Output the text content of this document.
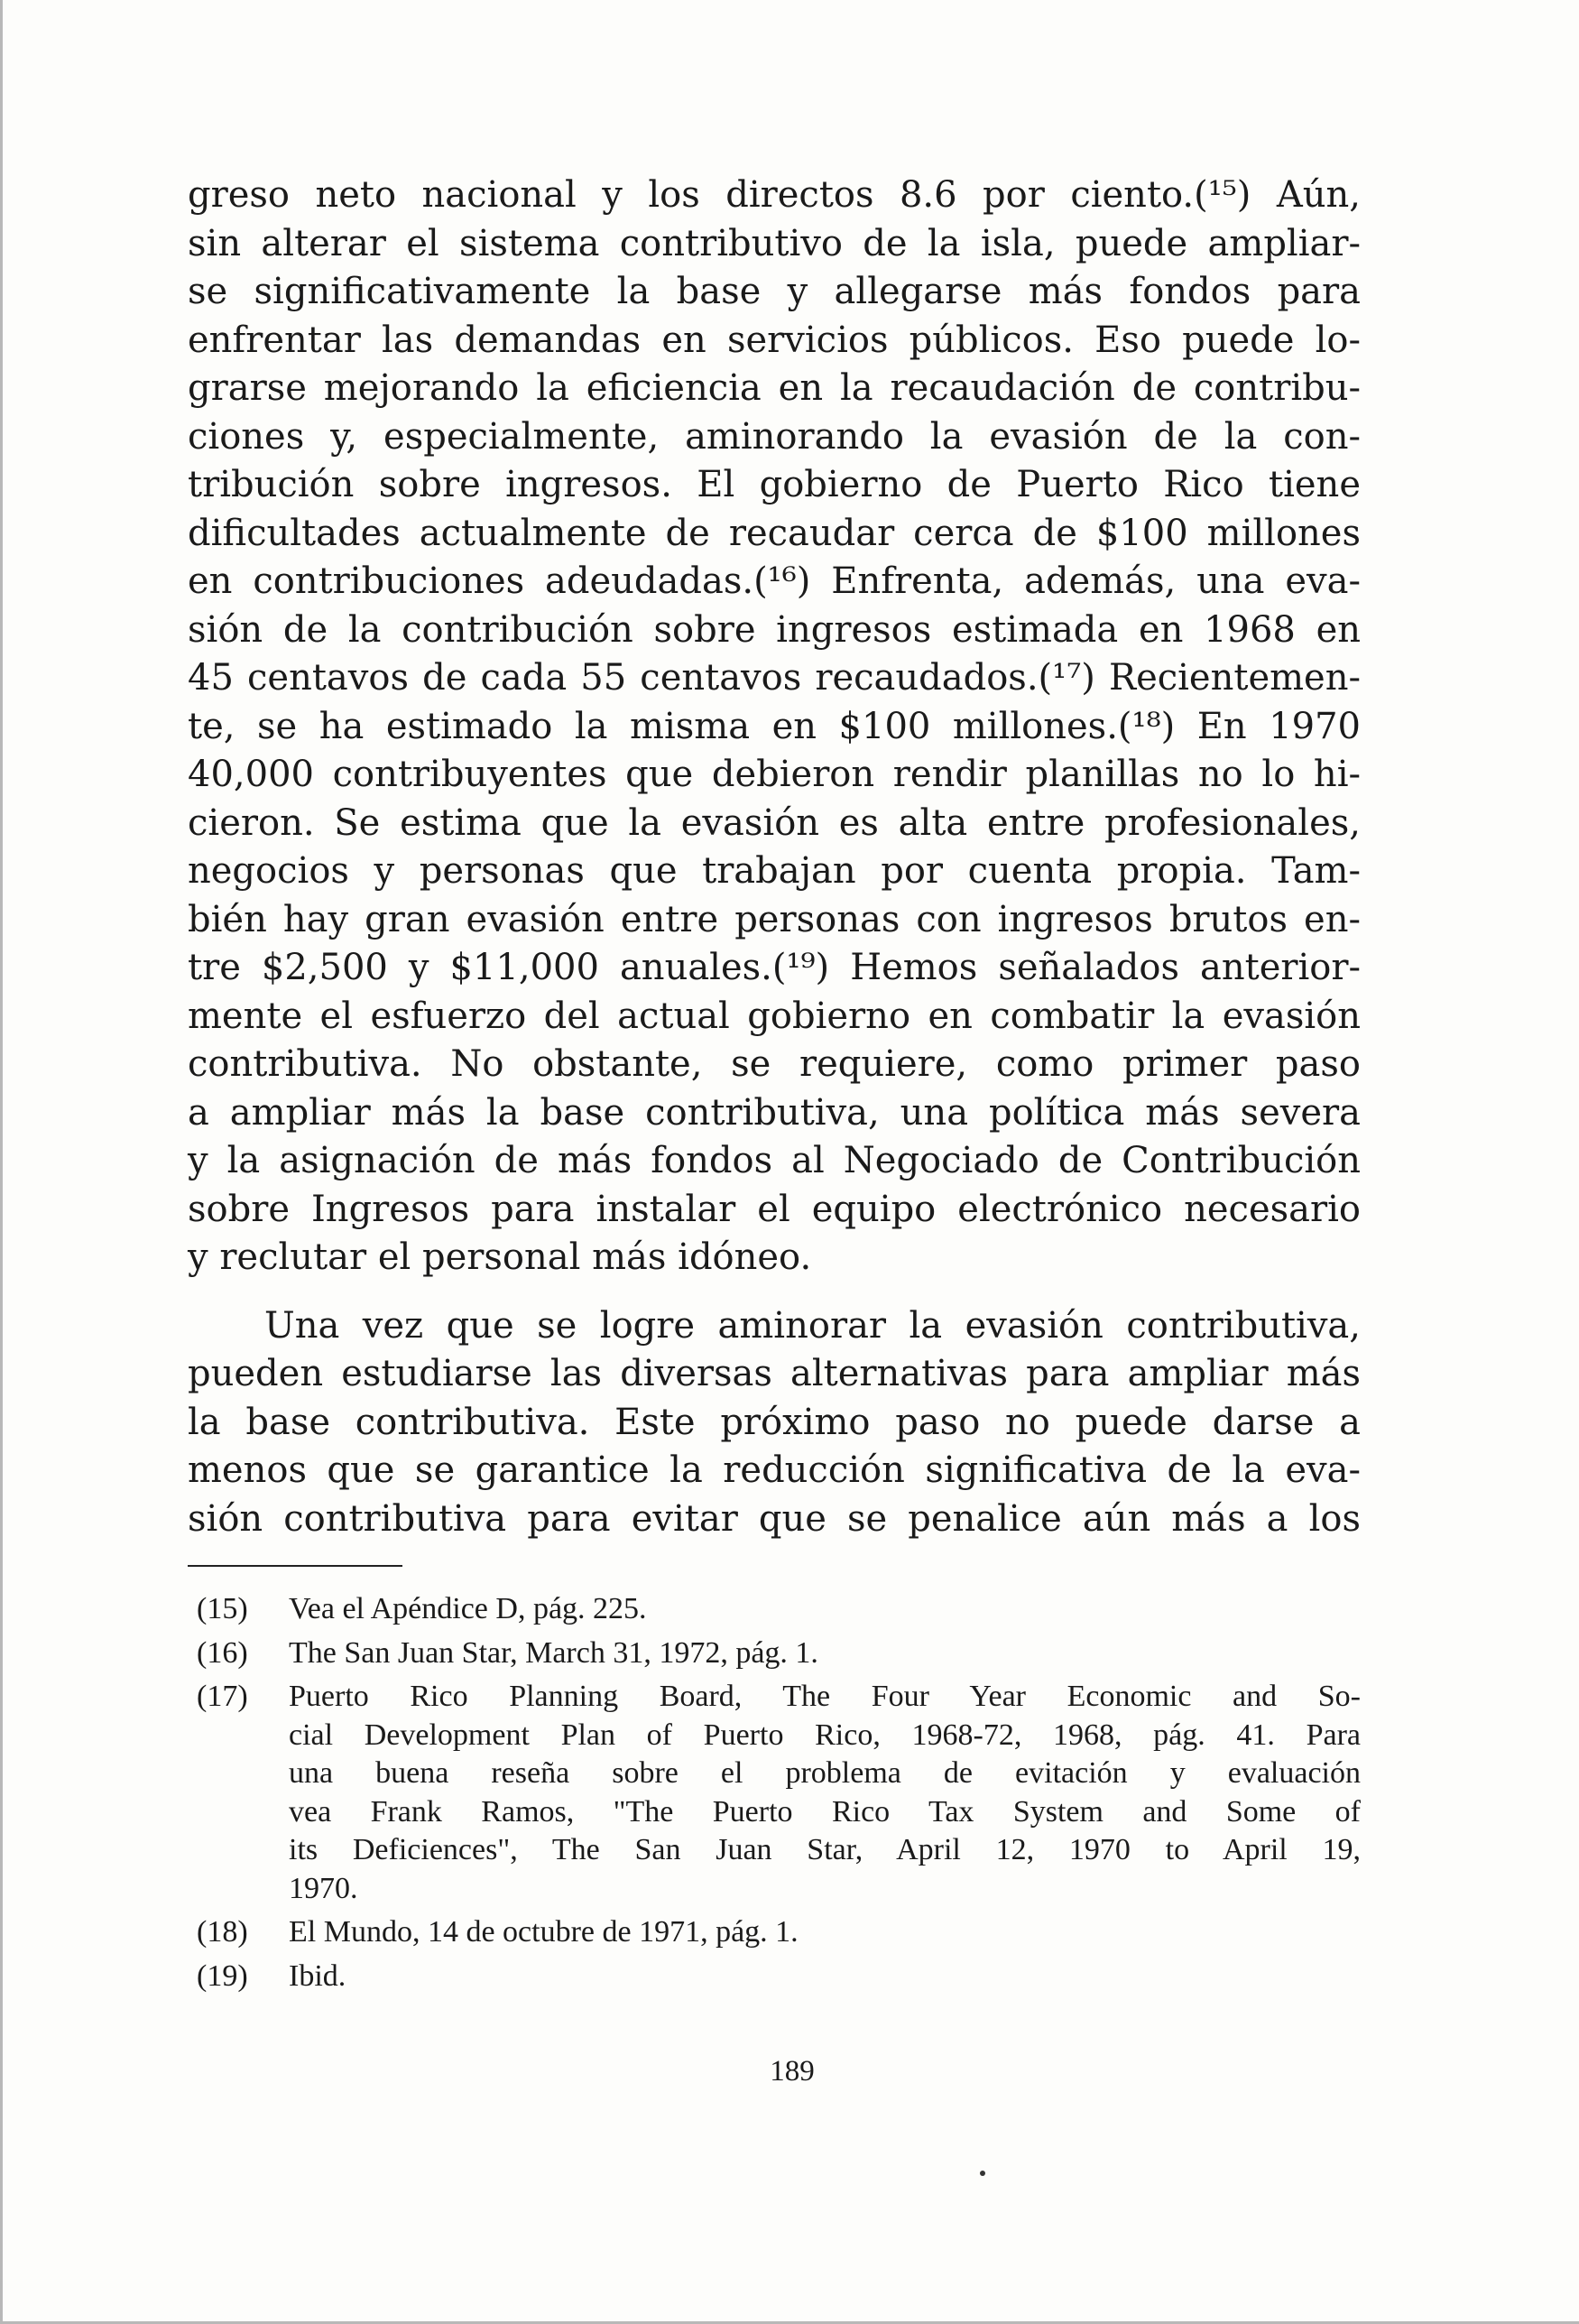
greso neto nacional y los directos 8.6 por ciento.(¹⁵) Aún,
sin alterar el sistema contributivo de la isla, puede ampliar-
se significativamente la base y allegarse más fondos para
enfrentar las demandas en servicios públicos. Eso puede lo-
grarse mejorando la eficiencia en la recaudación de contribu-
ciones y, especialmente, aminorando la evasión de la con-
tribución sobre ingresos. El gobierno de Puerto Rico tiene
dificultades actualmente de recaudar cerca de $100 millones
en contribuciones adeudadas.(¹⁶) Enfrenta, además, una eva-
sión de la contribución sobre ingresos estimada en 1968 en
45 centavos de cada 55 centavos recaudados.(¹⁷) Recientemen-
te, se ha estimado la misma en $100 millones.(¹⁸) En 1970
40,000 contribuyentes que debieron rendir planillas no lo hi-
cieron. Se estima que la evasión es alta entre profesionales,
negocios y personas que trabajan por cuenta propia. Tam-
bién hay gran evasión entre personas con ingresos brutos en-
tre $2,500 y $11,000 anuales.(¹⁹) Hemos señalados anterior-
mente el esfuerzo del actual gobierno en combatir la evasión
contributiva. No obstante, se requiere, como primer paso
a ampliar más la base contributiva, una política más severa
y la asignación de más fondos al Negociado de Contribución
sobre Ingresos para instalar el equipo electrónico necesario
y reclutar el personal más idóneo.
Una vez que se logre aminorar la evasión contributiva,
pueden estudiarse las diversas alternativas para ampliar más
la base contributiva. Este próximo paso no puede darse a
menos que se garantice la reducción significativa de la eva-
sión contributiva para evitar que se penalice aún más a los
(15)	Vea el Apéndice D, pág. 225.
(16)	The San Juan Star, March 31, 1972, pág. 1.
(17)	Puerto Rico Planning Board, The Four Year Economic and So-
cial Development Plan of Puerto Rico, 1968-72, 1968, pág. 41. Para
una buena reseña sobre el problema de evitación y evaluación
vea Frank Ramos, "The Puerto Rico Tax System and Some of
its Deficiences", The San Juan Star, April 12, 1970 to April 19,
1970.
(18)	El Mundo, 14 de octubre de 1971, pág. 1.
(19)	Ibid.
189
